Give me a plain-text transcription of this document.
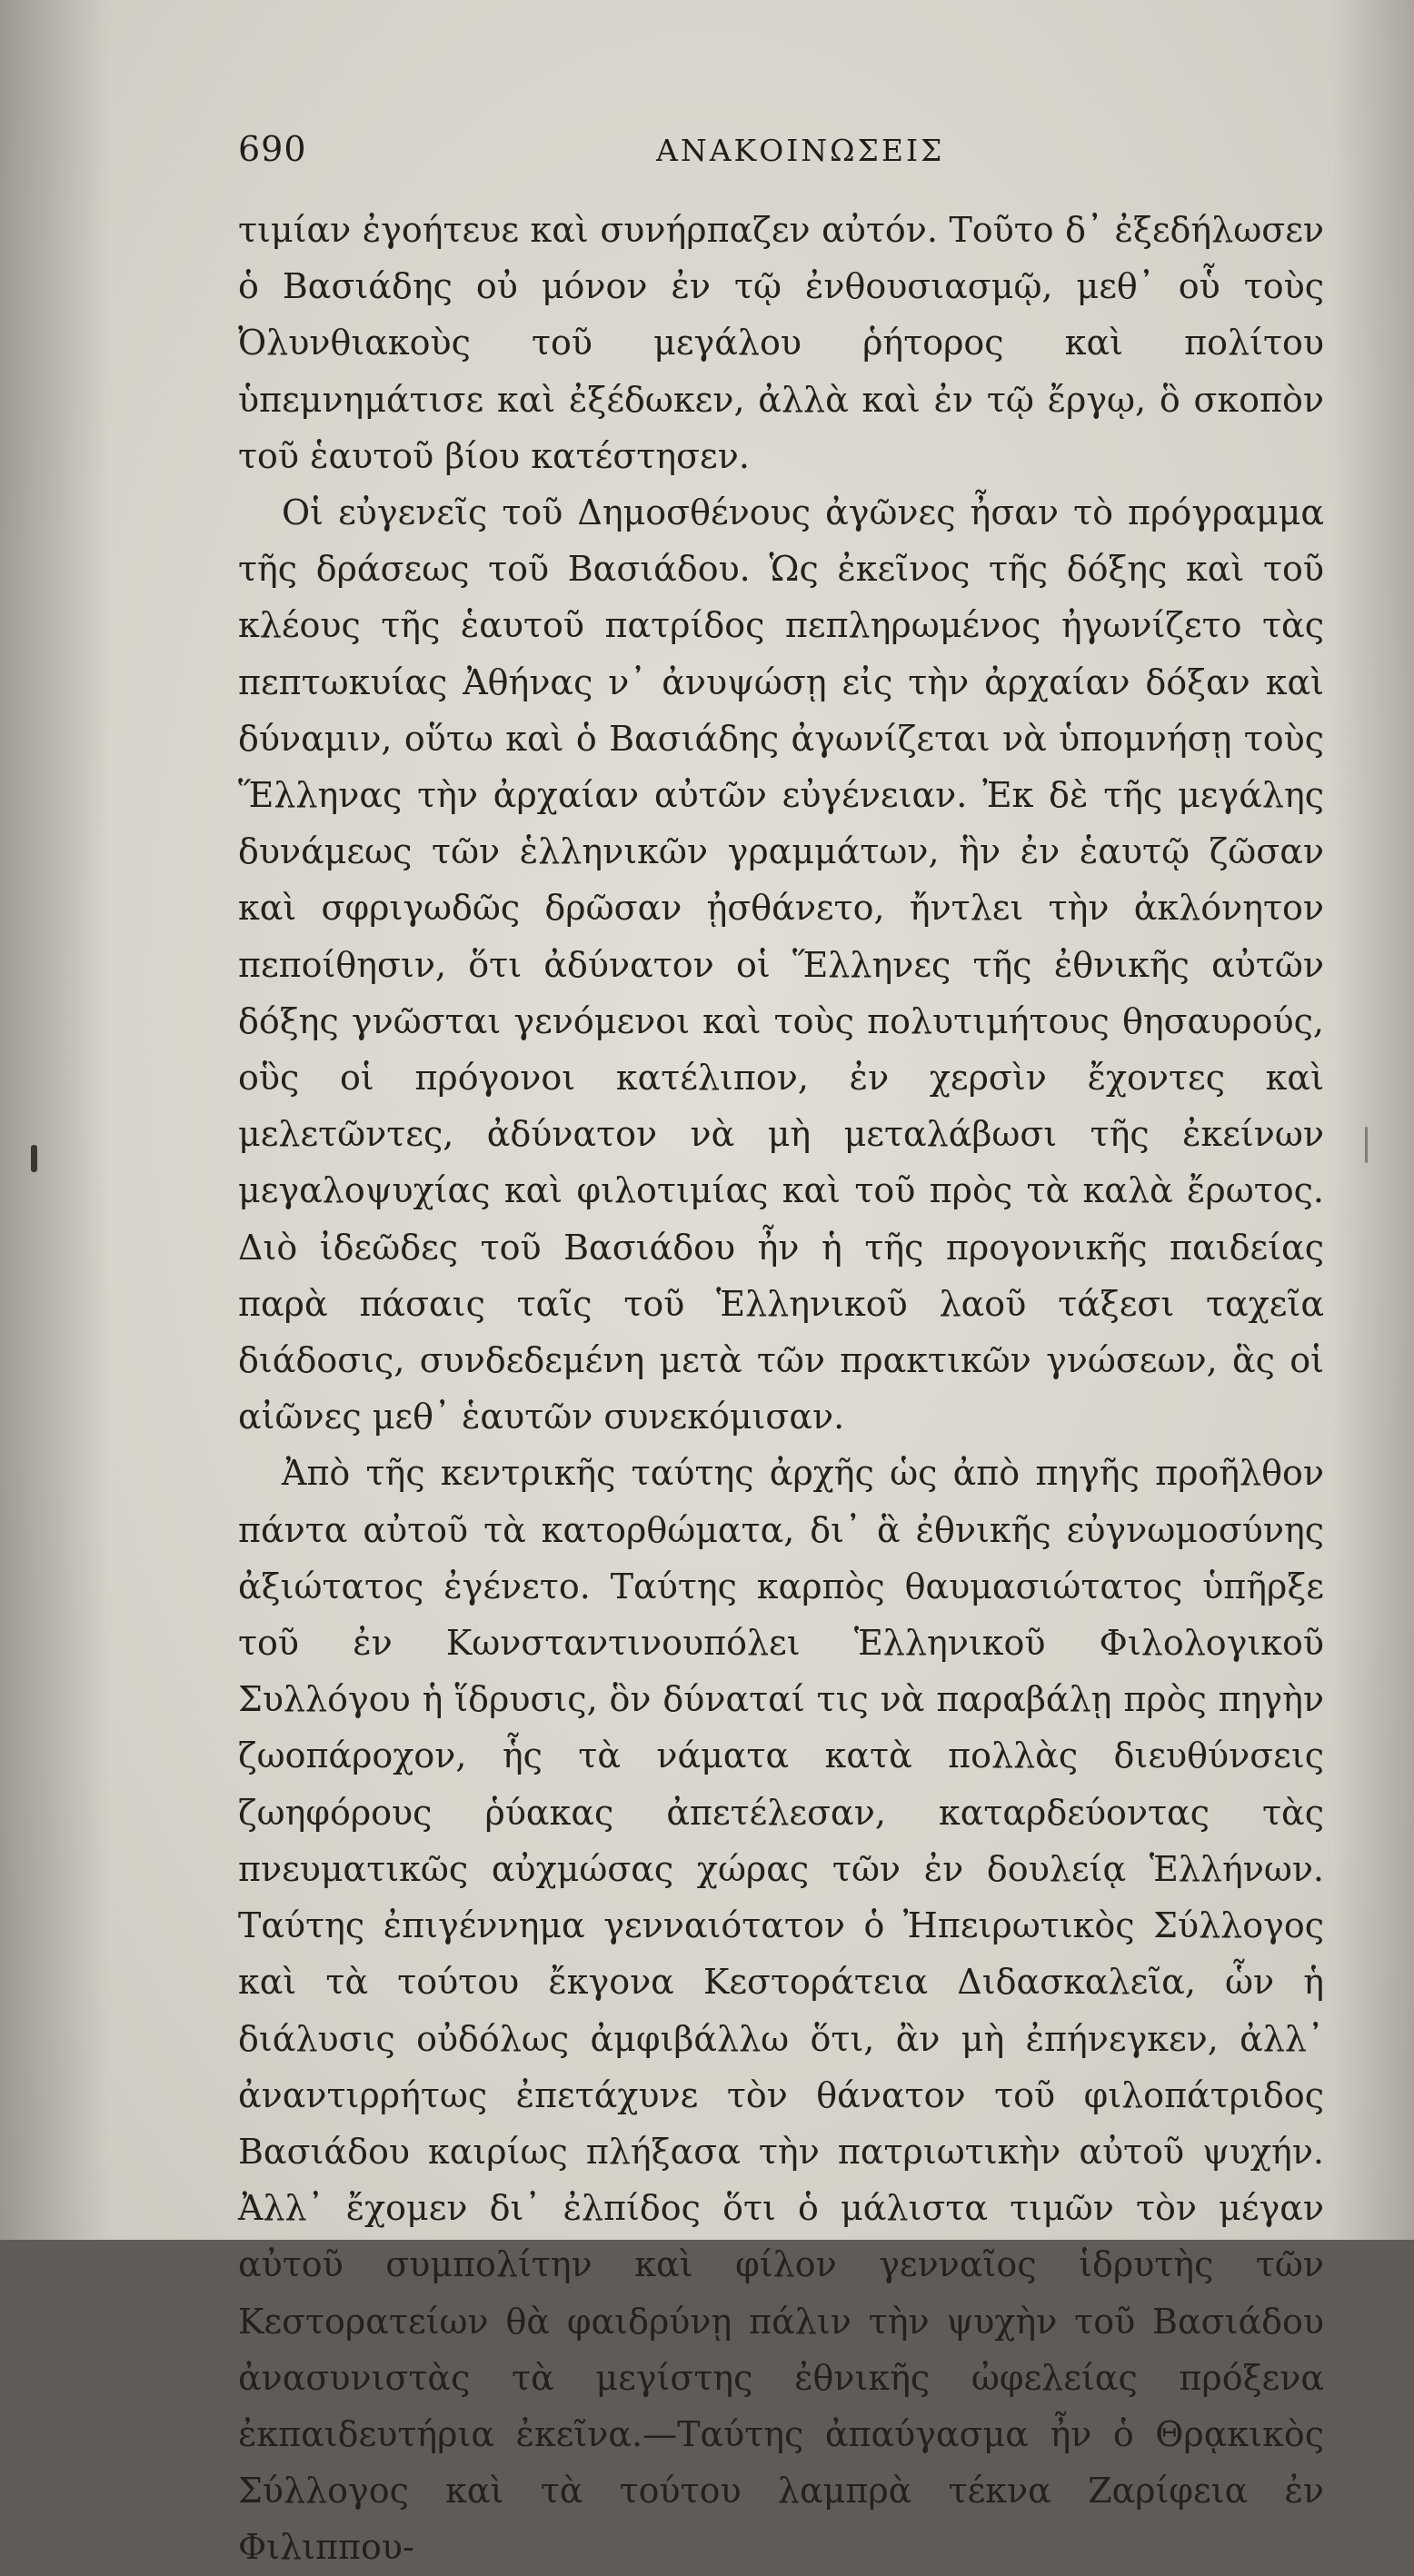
690	ΑΝΑΚΟΙΝΩΣΕΙΣ

τιμίαν ἐγοήτευε καὶ συνήρπαζεν αὐτόν. Τοῦτο δ᾽ ἐξεδήλωσεν ὁ Βασιάδης οὐ μόνον ἐν τῷ ἐνθουσιασμῷ, μεθ᾽ οὗ τοὺς Ὀλυνθιακοὺς τοῦ μεγάλου ῥήτορος καὶ πολίτου ὑπεμνημάτισε καὶ ἐξέδωκεν, ἀλλὰ καὶ ἐν τῷ ἔργῳ, ὃ σκοπὸν τοῦ ἑαυτοῦ βίου κατέστησεν.

Οἱ εὐγενεῖς τοῦ Δημοσθένους ἀγῶνες ἦσαν τὸ πρόγραμμα τῆς δράσεως τοῦ Βασιάδου. Ὡς ἐκεῖνος τῆς δόξης καὶ τοῦ κλέους τῆς ἑαυτοῦ πατρίδος πεπληρωμένος ἠγωνίζετο τὰς πεπτωκυίας Ἀθήνας ν᾽ ἀνυψώσῃ εἰς τὴν ἀρχαίαν δόξαν καὶ δύναμιν, οὕτω καὶ ὁ Βασιάδης ἀγωνίζεται νὰ ὑπομνήσῃ τοὺς Ἕλληνας τὴν ἀρχαίαν αὐτῶν εὐγένειαν. Ἐκ δὲ τῆς μεγάλης δυνάμεως τῶν ἑλληνικῶν γραμμάτων, ἣν ἐν ἑαυτῷ ζῶσαν καὶ σφριγωδῶς δρῶσαν ᾐσθάνετο, ἤντλει τὴν ἀκλόνητον πεποίθησιν, ὅτι ἀδύνατον οἱ Ἕλληνες τῆς ἐθνικῆς αὐτῶν δόξης γνῶσται γενόμενοι καὶ τοὺς πολυτιμήτους θησαυρούς, οὓς οἱ πρόγονοι κατέλιπον, ἐν χερσὶν ἔχοντες καὶ μελετῶντες, ἀδύνατον νὰ μὴ μεταλάβωσι τῆς ἐκείνων μεγαλοψυχίας καὶ φιλοτιμίας καὶ τοῦ πρὸς τὰ καλὰ ἔρωτος. Διὸ ἰδεῶδες τοῦ Βασιάδου ἦν ἡ τῆς προγονικῆς παιδείας παρὰ πάσαις ταῖς τοῦ Ἑλληνικοῦ λαοῦ τάξεσι ταχεῖα διάδοσις, συνδεδεμένη μετὰ τῶν πρακτικῶν γνώσεων, ἃς οἱ αἰῶνες μεθ᾽ ἑαυτῶν συνεκόμισαν.

Ἀπὸ τῆς κεντρικῆς ταύτης ἀρχῆς ὡς ἀπὸ πηγῆς προῆλθον πάντα αὐτοῦ τὰ κατορθώματα, δι᾽ ἃ ἐθνικῆς εὐγνωμοσύνης ἀξιώτατος ἐγένετο. Ταύτης καρπὸς θαυμασιώτατος ὑπῆρξε τοῦ ἐν Κωνσταντινουπόλει Ἑλληνικοῦ Φιλολογικοῦ Συλλόγου ἡ ἵδρυσις, ὃν δύναταί τις νὰ παραβάλῃ πρὸς πηγὴν ζωοπάροχον, ἧς τὰ νάματα κατὰ πολλὰς διευθύνσεις ζωηφόρους ῥύακας ἀπετέλεσαν, καταρδεύοντας τὰς πνευματικῶς αὐχμώσας χώρας τῶν ἐν δουλείᾳ Ἑλλήνων. Ταύτης ἐπιγέννημα γενναιότατον ὁ Ἠπειρωτικὸς Σύλλογος καὶ τὰ τούτου ἔκγονα Κεστοράτεια Διδασκαλεῖα, ὧν ἡ διάλυσις οὐδόλως ἀμφιβάλλω ὅτι, ἂν μὴ ἐπήνεγκεν, ἀλλ᾽ ἀναντιρρήτως ἐπετάχυνε τὸν θάνατον τοῦ φιλοπάτριδος Βασιάδου καιρίως πλήξασα τὴν πατριωτικὴν αὐτοῦ ψυχήν. Ἀλλ᾽ ἔχομεν δι᾽ ἐλπίδος ὅτι ὁ μάλιστα τιμῶν τὸν μέγαν αὐτοῦ συμπολίτην καὶ φίλον γενναῖος ἱδρυτὴς τῶν Κεστορατείων θὰ φαιδρύνῃ πάλιν τὴν ψυχὴν τοῦ Βασιάδου ἀνασυνιστὰς τὰ μεγίστης ἐθνικῆς ὠφελείας πρόξενα ἐκπαιδευτήρια ἐκεῖνα.—Ταύτης ἀπαύγασμα ἦν ὁ Θρᾳκικὸς Σύλλογος καὶ τὰ τούτου λαμπρὰ τέκνα Ζαρίφεια ἐν Φιλιππου-
